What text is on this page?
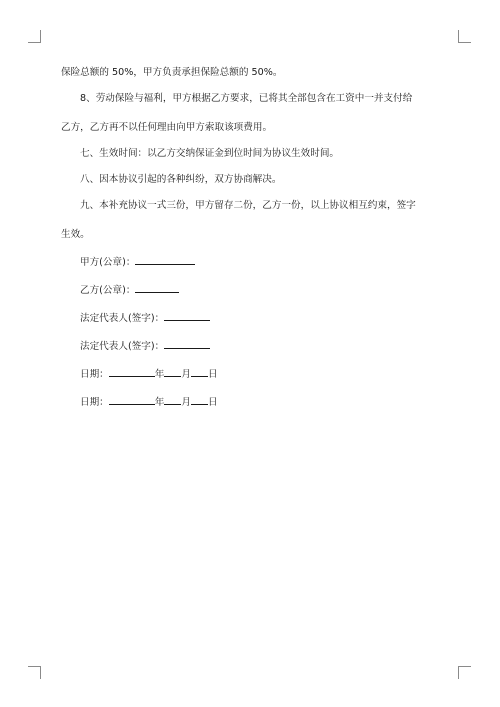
保险总额的 50%，甲方负责承担保险总额的 50%。

8、劳动保险与福利，甲方根据乙方要求，已将其全部包含在工资中一并支付给
乙方，乙方再不以任何理由向甲方索取该项费用。

七、生效时间：以乙方交纳保证金到位时间为协议生效时间。

八、因本协议引起的各种纠纷，双方协商解决。

九、本补充协议一式三份，甲方留存二份，乙方一份，以上协议相互约束，签字
生效。

甲方(公章)：
乙方(公章)：
法定代表人(签字)：
法定代表人(签字)：
日期：	年 月 日
日期：	年 月 日
